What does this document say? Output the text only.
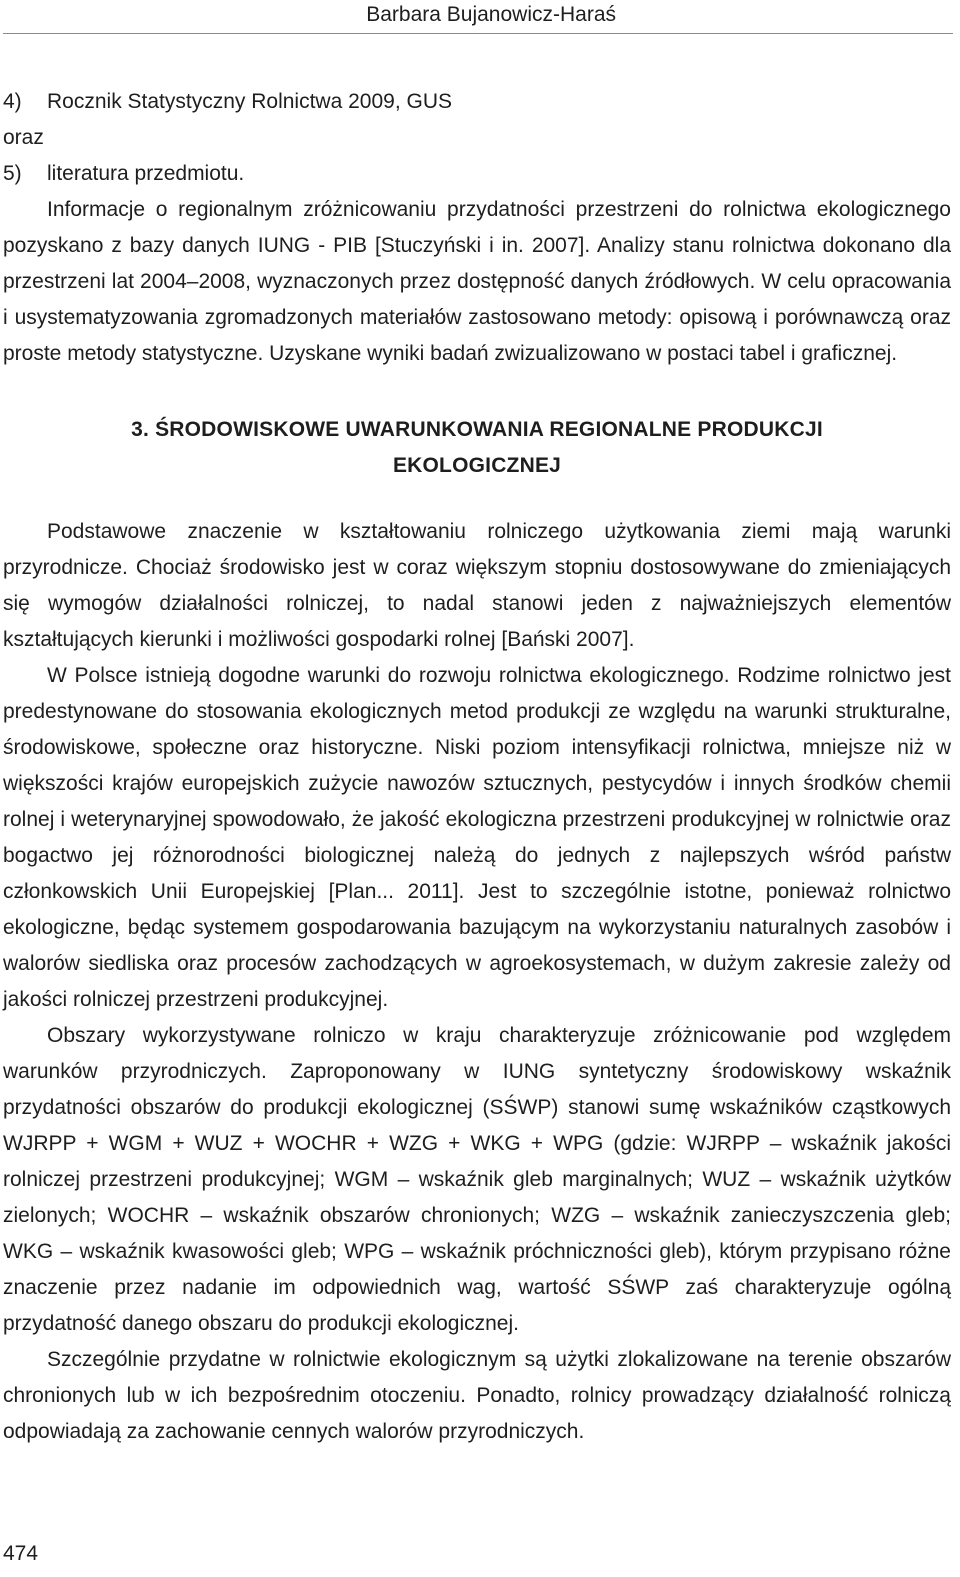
Barbara Bujanowicz-Haraś
4) Rocznik Statystyczny Rolnictwa 2009, GUS
oraz
5) literatura przedmiotu.

Informacje o regionalnym zróżnicowaniu przydatności przestrzeni do rolnictwa ekologicznego pozyskano z bazy danych IUNG - PIB [Stuczyński i in. 2007]. Analizy stanu rolnictwa dokonano dla przestrzeni lat 2004–2008, wyznaczonych przez dostępność danych źródłowych. W celu opracowania i usystematyzowania zgromadzonych materiałów zastosowano metody: opisową i porównawczą oraz proste metody statystyczne. Uzyskane wyniki badań zwizualizowano w postaci tabel i graficznej.

3. ŚRODOWISKOWE UWARUNKOWANIA REGIONALNE PRODUKCJI
EKOLOGICZNEJ

Podstawowe znaczenie w kształtowaniu rolniczego użytkowania ziemi mają warunki przyrodnicze. Chociaż środowisko jest w coraz większym stopniu dostosowywane do zmieniających się wymogów działalności rolniczej, to nadal stanowi jeden z najważniejszych elementów kształtujących kierunki i możliwości gospodarki rolnej [Bański 2007].

W Polsce istnieją dogodne warunki do rozwoju rolnictwa ekologicznego. Rodzime rolnictwo jest predestynowane do stosowania ekologicznych metod produkcji ze względu na warunki strukturalne, środowiskowe, społeczne oraz historyczne. Niski poziom intensyfikacji rolnictwa, mniejsze niż w większości krajów europejskich zużycie nawozów sztucznych, pestycydów i innych środków chemii rolnej i weterynaryjnej spowodowało, że jakość ekologiczna przestrzeni produkcyjnej w rolnictwie oraz bogactwo jej różnorodności biologicznej należą do jednych z najlepszych wśród państw członkowskich Unii Europejskiej [Plan... 2011]. Jest to szczególnie istotne, ponieważ rolnictwo ekologiczne, będąc systemem gospodarowania bazującym na wykorzystaniu naturalnych zasobów i walorów siedliska oraz procesów zachodzących w agroekosystemach, w dużym zakresie zależy od jakości rolniczej przestrzeni produkcyjnej.

Obszary wykorzystywane rolniczo w kraju charakteryzuje zróżnicowanie pod względem warunków przyrodniczych. Zaproponowany w IUNG syntetyczny środowiskowy wskaźnik przydatności obszarów do produkcji ekologicznej (SŚWP) stanowi sumę wskaźników cząstkowych WJRPP + WGM + WUZ + WOCHR + WZG + WKG + WPG (gdzie: WJRPP – wskaźnik jakości rolniczej przestrzeni produkcyjnej; WGM – wskaźnik gleb marginalnych; WUZ – wskaźnik użytków zielonych; WOCHR – wskaźnik obszarów chronionych; WZG – wskaźnik zanieczyszczenia gleb; WKG – wskaźnik kwasowości gleb; WPG – wskaźnik próchniczności gleb), którym przypisano różne znaczenie przez nadanie im odpowiednich wag, wartość SŚWP zaś charakteryzuje ogólną przydatność danego obszaru do produkcji ekologicznej.

Szczególnie przydatne w rolnictwie ekologicznym są użytki zlokalizowane na terenie obszarów chronionych lub w ich bezpośrednim otoczeniu. Ponadto, rolnicy prowadzący działalność rolniczą odpowiadają za zachowanie cennych walorów przyrodniczych.

474
